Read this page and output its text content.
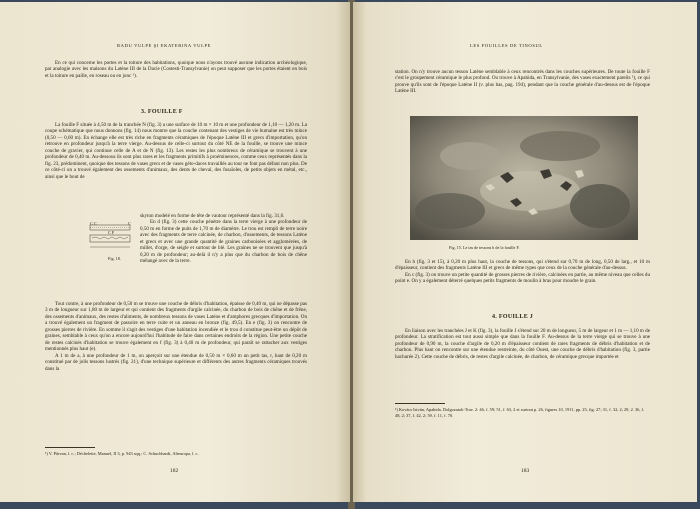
RADU VULPE ŞI EKATERINA VULPE

En ce qui concerne les portes et la toiture des habitations, quoique nous n'ayons trouvé aucune indication archéologique, par analogie avec les maisons du Latène III de la Dacie (Costesti-Transylvanie) on peut supposer que les portes étaient en bois et la toiture en paille, en roseau ou en jonc ¹).

3. FOUILLE F

La fouille F située à 4,50 m de la tranchée N (fig. 3) a une surface de 10 m × 10 m et une profondeur de 1,10 — 1,20 m. La coupe schématique que nous donnons (fig. 14) nous montre que la couche contenant des vestiges de vie humaine est très mince (0,50 — 0,60 m). En échange elle est très riche en fragments céramiques de l'époque Latène III et grecs d'importation, qu'on retrouve en profondeur jusqu'à la terre vierge. Au-dessus de celle-ci surtout du côté NE de la fouille, se trouve une mince couche de gravier, qui continue celle de A et de N (fig. 13). Les restes les plus nombreux de céramique se trouvent à une profondeur de 0,40 m. Au-dessous ils sont plus rares et les fragments primitifs à proéminences, comme ceux représentés dans la fig. 23, prédominent, quoique des tessons de vases grecs et de vases géto-daces travaillés au tour ne font pas défaut non plus. De ce côté-ci on a trouvé également des ossements d'animaux, des dents de cheval, des fusaïoles, de petits objets en métal, etc., ainsi que le bout de

C C
C F
C
Fig. 18.

skyton modelé en forme de tête de vautour représenté dans la fig. 31,6.

En d (fig. 3) cette couche pénètre dans la terre vierge à une profondeur de 0,50 m en forme de puits de 1,70 m de diamètre. Le trou est rempli de terre noire avec des fragments de terre calcinée, de charbon, d'ossements, de tessons Latène et grecs et avec une grande quantité de graines carbonisées et agglomérées, de millet, d'orge, de seigle et surtout de blé. Les graines ne se trouvent que jusqu'à 0,20 m de profondeur; au-delà il n'y a plus que du charbon de bois de chêne mélangé avec de la terre.

Tout contre, à une profondeur de 0,50 m se trouve une couche de débris d'habitation, épaisse de 0,40 m, qui ne dépasse pas 3 m de longueur sur 1,80 m de largeur et qui contient des fragments d'argile calcinée, du charbon de bois de chêne et de frêne, des ossements d'animaux, des restes d'aliments, de nombreux tessons de vases Latène et d'amphores grecques d'importation. On a trouvé également un fragment de passoire en terre cuite et un anneau en bronze (fig. 49,5). En e (fig. 3) on rencontre de grosses pierres de rivière. En somme il s'agit des vestiges d'une habitation incendiée et le trou d constitue peut-être un dépôt de graines, semblable à ceux qu'on a encore aujourd'hui l'habitude de faire dans certaines endroits de la région. Une petite couche de restes calcinés d'habitation se trouve également en f (fig. 3) à 0,40 m de profondeur, qui paraît se rattacher aux vestiges mentionnés plus haut (e).

A 1 m de a, à une profondeur de 1 m, on aperçoit sur une étendue de 0,50 m × 0,60 m un petit tas, r, haut de 0,20 m constitué par de jolis tessons lustrés (fig. 21), d'une technique supérieure et différents des autres fragments céramiques trouvés dans la

¹) V. Pârvan, l. c.; Déchelette, Manuel, II 3, p. 943 sqq.; C. Schuchhardt, Alteuropa, l. c.
182
LES FOUILLES DE TINOSUL

station. On n'y trouve aucun tesson Latène semblable à ceux rencontrés dans les couches supérieures. De toute la fouille F c'est le groupement céramique le plus profond. Ou trouve à Apahida, en Transylvanie, des vases exactement pareils ¹), ce qui prouve qu'ils sont de l'époque Latène II (v. plus bas, pag. 194), pendant que la couche générale d'au-dessus est de l'époque Latène III.

Fig. 15. Le tas de tessons h de la fouille F.

En h (fig. 3 et 15), à 0,20 m plus haut, la couche de tessons, qui s'étend sur 0,70 m de long, 0,50 de larg., et 10 m d'épaisseur, contient des fragments Latène III et grecs de même types que ceux de la couche générale d'au-dessus.

En c (fig. 3) on trouve un petite quantité de grosses pierres de rivière, calcinées en partie, au même niveau que celles du point e. On y a également déterré quelques petits fragments de moulin à bras pour moudre le grain.

4. FOUILLE J

En liaison avec les tranchées J et K (fig. 3), la fouille J s'étend sur 20 m de longueur, 5 m de largeur et 1 m — 1,10 m de profondeur. La stratification est tout aussi simple que dans la fouille F. Au-dessus de la terre vierge qui se trouve à une profondeur de 0,90 m, la couche d'argile de 0,20 m d'épaisseur contient de rares fragments de débris d'habitation et de charbon. Plus haut on rencontre sur une étendue restreinte, du côté Ouest, une couche de débris d'habitation (fig. 3, partie hachurée 2). Cette couche de débris, de restes d'argile calcinée, de charbon, de céramique grecque importée et

¹) Kovács István, Apahida. Dolgozatok-Trav. 2: 46, f. 59; 51, f. 63, 2 et surtout p. 26, figures 10, 1911, pp. 25, fig. 27; 31, f. 32, 2; 29, 2. 36, f. 48, 2; 37, f. 42, 2; 59, f. 11, f. 70.
183
